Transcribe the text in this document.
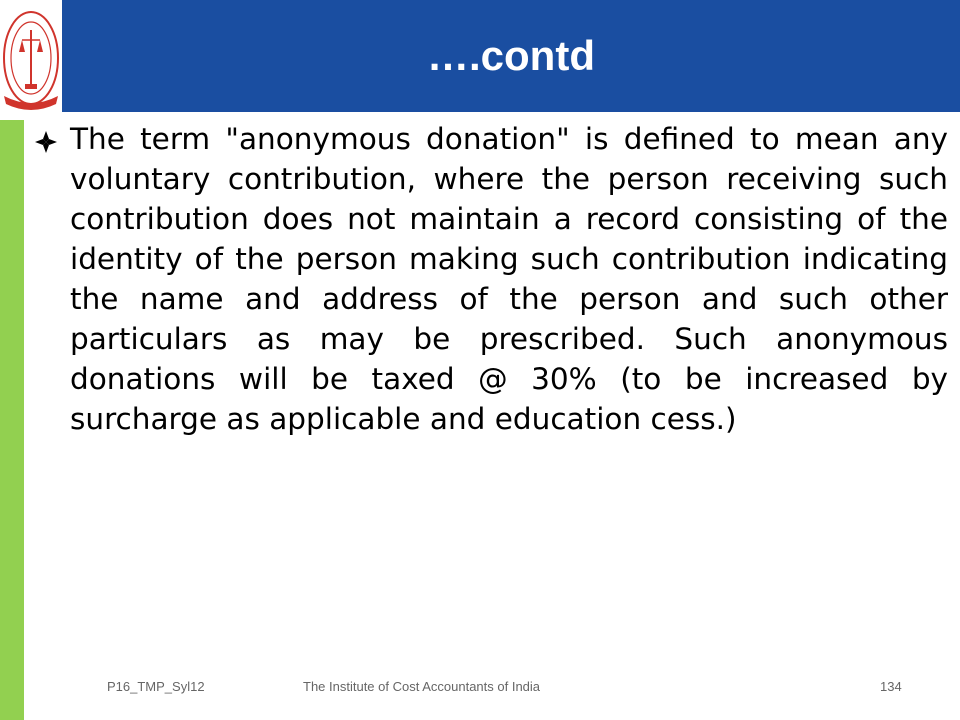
….contd

The term "anonymous donation" is defined to mean any voluntary contribution, where the person receiving such contribution does not maintain a record consisting of the identity of the person making such contribution indicating the name and address of the person and such other particulars as may be prescribed. Such anonymous donations will be taxed @ 30% (to be increased by surcharge as applicable and education cess.)

P16_TMP_Syl12	The Institute of Cost Accountants of India	134
